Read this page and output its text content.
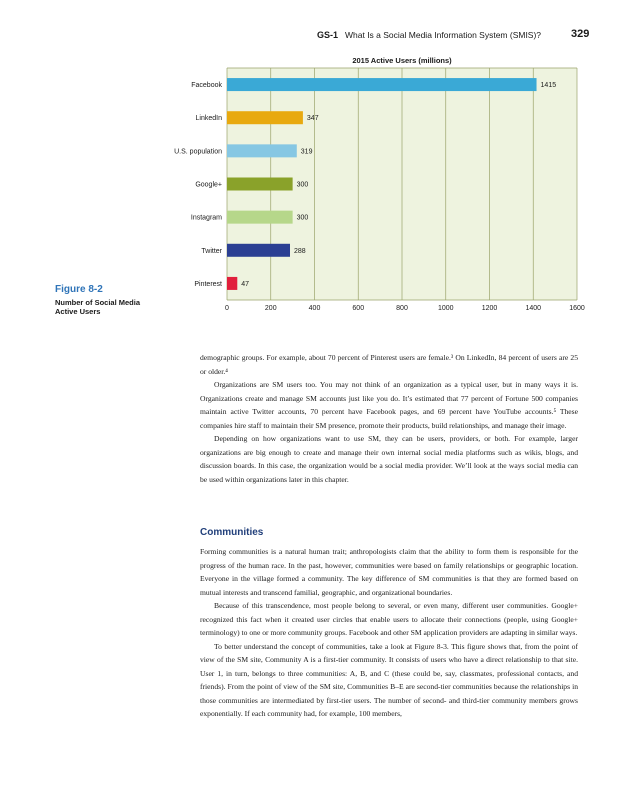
GS-1 What Is a Social Media Information System (SMIS)?	329
2015 Active Users (millions)
0	200	400	600	800	1000	1200	1400	1600
Facebook	1415
LinkedIn	347
U.S. population	319
Google+	300
Instagram	300
Twitter	288
Pinterest	47
Figure 8-2
Number of Social Media
Active Users

demographic groups. For example, about 70 percent of Pinterest users are female.³ On LinkedIn, 84 percent of users are 25 or older.⁴

Organizations are SM users too. You may not think of an organization as a typical user, but in many ways it is. Organizations create and manage SM accounts just like you do. It’s estimated that 77 percent of Fortune 500 companies maintain active Twitter accounts, 70 percent have Facebook pages, and 69 percent have YouTube accounts.⁵ These companies hire staff to maintain their SM presence, promote their products, build relationships, and manage their image.

Depending on how organizations want to use SM, they can be users, providers, or both. For example, larger organizations are big enough to create and manage their own internal social media platforms such as wikis, blogs, and discussion boards. In this case, the organization would be a social media provider. We’ll look at the ways social media can be used within organizations later in this chapter.

Communities

Forming communities is a natural human trait; anthropologists claim that the ability to form them is responsible for the progress of the human race. In the past, however, communities were based on family relationships or geographic location. Everyone in the village formed a community. The key difference of SM communities is that they are formed based on mutual interests and transcend familial, geographic, and organizational boundaries.

Because of this transcendence, most people belong to several, or even many, different user communities. Google+ recognized this fact when it created user circles that enable users to allocate their connections (people, using Google+ terminology) to one or more community groups. Facebook and other SM application providers are adapting in similar ways.

To better understand the concept of communities, take a look at Figure 8-3. This figure shows that, from the point of view of the SM site, Community A is a first-tier community. It consists of users who have a direct relationship to that site. User 1, in turn, belongs to three communities: A, B, and C (these could be, say, classmates, professional contacts, and friends). From the point of view of the SM site, Communities B–E are second-tier communities because the relationships in those communities are intermediated by first-tier users. The number of second- and third-tier community members grows exponentially. If each community had, for example, 100 members,
